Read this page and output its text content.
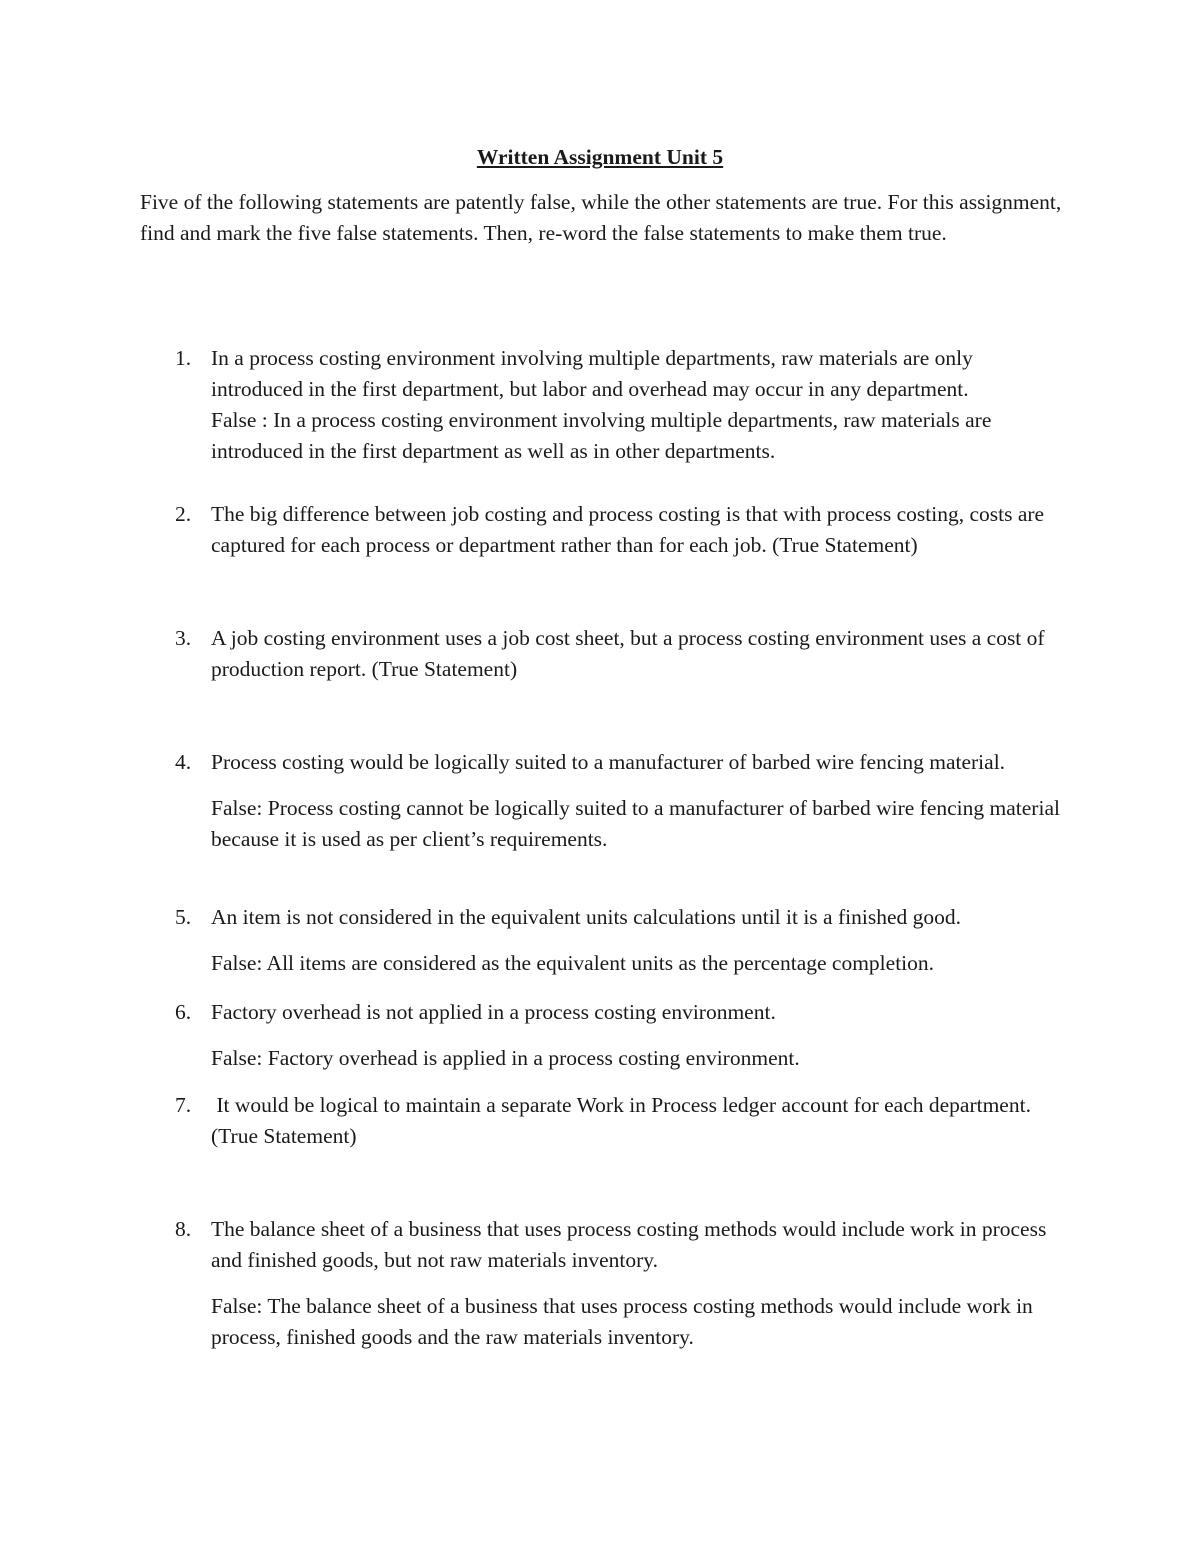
Written Assignment Unit 5
Five of the following statements are patently false, while the other statements are true. For this assignment, find and mark the five false statements. Then, re-word the false statements to make them true.
1. In a process costing environment involving multiple departments, raw materials are only introduced in the first department, but labor and overhead may occur in any department.

False : In a process costing environment involving multiple departments, raw materials are introduced in the first department as well as in other departments.

2. The big difference between job costing and process costing is that with process costing, costs are captured for each process or department rather than for each job. (True Statement)

3. A job costing environment uses a job cost sheet, but a process costing environment uses a cost of production report. (True Statement)

4. Process costing would be logically suited to a manufacturer of barbed wire fencing material.

False: Process costing cannot be logically suited to a manufacturer of barbed wire fencing material because it is used as per client’s requirements.

5. An item is not considered in the equivalent units calculations until it is a finished good.

False: All items are considered as the equivalent units as the percentage completion.

6. Factory overhead is not applied in a process costing environment.

False: Factory overhead is applied in a process costing environment.

7. It would be logical to maintain a separate Work in Process ledger account for each department. (True Statement)

8. The balance sheet of a business that uses process costing methods would include work in process and finished goods, but not raw materials inventory.

False: The balance sheet of a business that uses process costing methods would include work in process, finished goods and the raw materials inventory.
